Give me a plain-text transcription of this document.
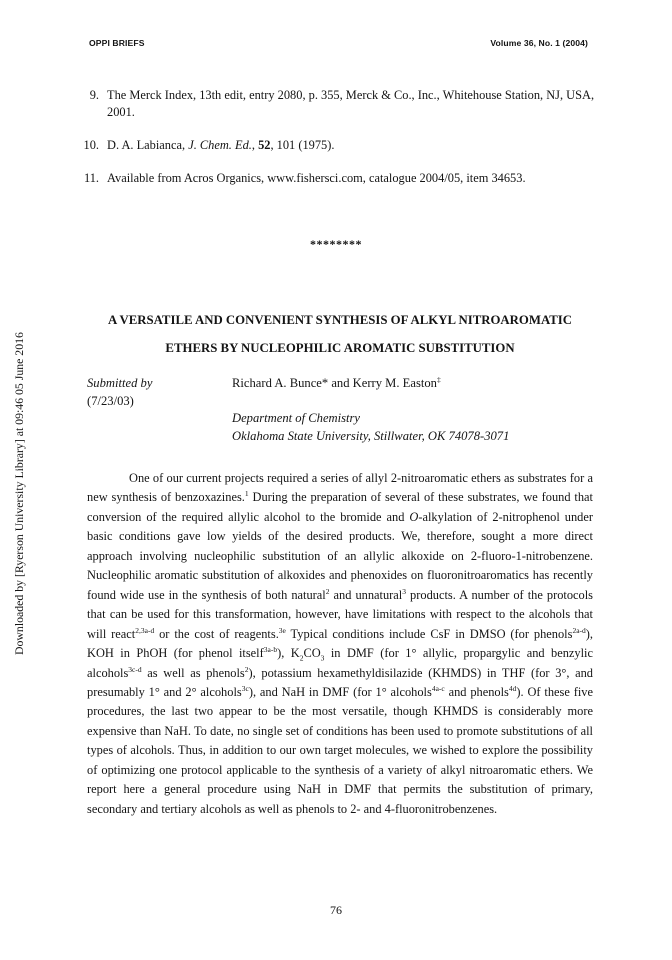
OPPI BRIEFS	Volume 36, No. 1 (2004)
Downloaded by [Ryerson University Library] at 09:46 05 June 2016
9. The Merck Index, 13th edit, entry 2080, p. 355, Merck & Co., Inc., Whitehouse Station, NJ, USA, 2001.
10. D. A. Labianca, J. Chem. Ed., 52, 101 (1975).
11. Available from Acros Organics, www.fishersci.com, catalogue 2004/05, item 34653.
********
A VERSATILE AND CONVENIENT SYNTHESIS OF ALKYL NITROAROMATIC
ETHERS BY NUCLEOPHILIC AROMATIC SUBSTITUTION
Submitted by
(7/23/03)
Richard A. Bunce* and Kerry M. Easton‡
Department of Chemistry
Oklahoma State University, Stillwater, OK 74078-3071

One of our current projects required a series of allyl 2-nitroaromatic ethers as substrates for a new synthesis of benzoxazines.$^1$ During the preparation of several of these substrates, we found that conversion of the required allylic alcohol to the bromide and O-alkylation of 2-nitrophenol under basic conditions gave low yields of the desired products. We, therefore, sought a more direct approach involving nucleophilic substitution of an allylic alkoxide on 2-fluoro-1-nitrobenzene. Nucleophilic aromatic substitution of alkoxides and phenoxides on fluoronitroaromatics has recently found wide use in the synthesis of both natural$^2$ and unnatural$^3$ products. A number of the protocols that can be used for this transformation, however, have limitations with respect to the alcohols that will react$^{2,3a-d}$ or the cost of reagents.$^{3e}$ Typical conditions include CsF in DMSO (for phenols$^{2a-d}$), KOH in PhOH (for phenol itself$^{3a-b}$), $K_2CO_3$ in DMF (for 1° allylic, propargylic and benzylic alcohols$^{3c-d}$ as well as phenols$^2$), potassium hexamethyldisilazide (KHMDS) in THF (for 3°, and presumably 1° and 2° alcohols$^{3c}$), and NaH in DMF (for 1° alcohols$^{4a-c}$ and phenols$^{4d}$). Of these five procedures, the last two appear to be the most versatile, though KHMDS is considerably more expensive than NaH. To date, no single set of conditions has been used to promote substitutions of all types of alcohols. Thus, in addition to our own target molecules, we wished to explore the possibility of optimizing one protocol applicable to the synthesis of a variety of alkyl nitroaromatic ethers. We report here a general procedure using NaH in DMF that permits the substitution of primary, secondary and tertiary alcohols as well as phenols to 2- and 4-fluoronitrobenzenes.

76
